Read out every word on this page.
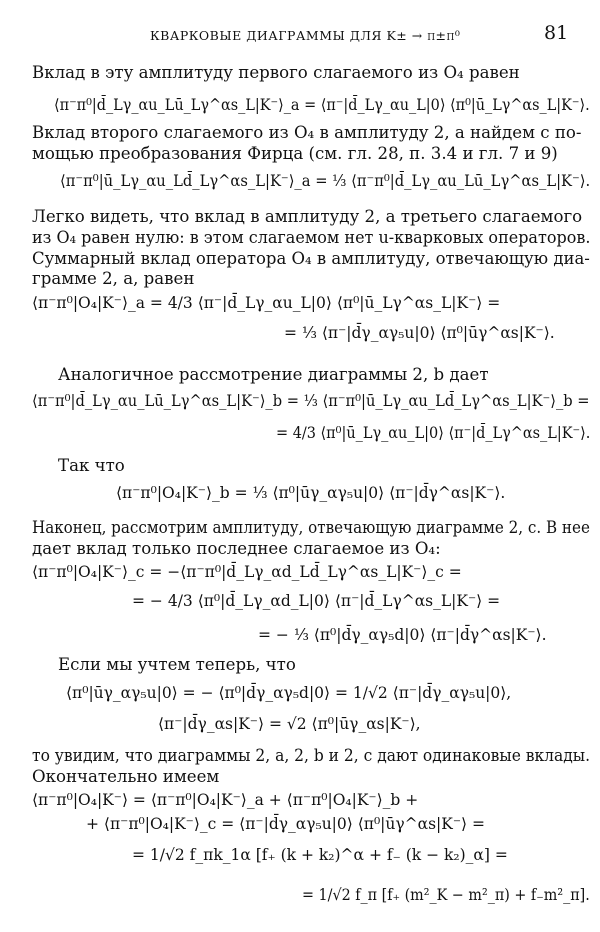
КВАРКОВЫЕ ДИАГРАММЫ ДЛЯ K± → π±π⁰	81
Вклад в эту амплитуду первого слагаемого из O₄ равен
⟨π⁻π⁰|d̄_Lγ_αu_Lū_Lγ^αs_L|K⁻⟩_a = ⟨π⁻|d̄_Lγ_αu_L|0⟩ ⟨π⁰|ū_Lγ^αs_L|K⁻⟩.
Вклад второго слагаемого из O₄ в амплитуду 2, a найдем с по-
мощью преобразования Фирца (см. гл. 28, п. 3.4 и гл. 7 и 9)
⟨π⁻π⁰|ū_Lγ_αu_Ld̄_Lγ^αs_L|K⁻⟩_a = ⅓ ⟨π⁻π⁰|d̄_Lγ_αu_Lū_Lγ^αs_L|K⁻⟩.
Легко видеть, что вклад в амплитуду 2, a третьего слагаемого
из O₄ равен нулю: в этом слагаемом нет u-кварковых операторов.
Суммарный вклад оператора O₄ в амплитуду, отвечающую диа-
грамме 2, a, равен
⟨π⁻π⁰|O₄|K⁻⟩_a = 4/3 ⟨π⁻|d̄_Lγ_αu_L|0⟩ ⟨π⁰|ū_Lγ^αs_L|K⁻⟩ =
= ⅓ ⟨π⁻|d̄γ_αγ₅u|0⟩ ⟨π⁰|ūγ^αs|K⁻⟩.
Аналогичное рассмотрение диаграммы 2, b дает
⟨π⁻π⁰|d̄_Lγ_αu_Lū_Lγ^αs_L|K⁻⟩_b = ⅓ ⟨π⁻π⁰|ū_Lγ_αu_Ld̄_Lγ^αs_L|K⁻⟩_b =
= 4/3 ⟨π⁰|ū_Lγ_αu_L|0⟩ ⟨π⁻|d̄_Lγ^αs_L|K⁻⟩.
Так что
⟨π⁻π⁰|O₄|K⁻⟩_b = ⅓ ⟨π⁰|ūγ_αγ₅u|0⟩ ⟨π⁻|d̄γ^αs|K⁻⟩.
Наконец, рассмотрим амплитуду, отвечающую диаграмме 2, c. В нее
дает вклад только последнее слагаемое из O₄:
⟨π⁻π⁰|O₄|K⁻⟩_c = −⟨π⁻π⁰|d̄_Lγ_αd_Ld̄_Lγ^αs_L|K⁻⟩_c =
= − 4/3 ⟨π⁰|d̄_Lγ_αd_L|0⟩ ⟨π⁻|d̄_Lγ^αs_L|K⁻⟩ =
= − ⅓ ⟨π⁰|d̄γ_αγ₅d|0⟩ ⟨π⁻|d̄γ^αs|K⁻⟩.
Если мы учтем теперь, что
⟨π⁰|ūγ_αγ₅u|0⟩ = − ⟨π⁰|d̄γ_αγ₅d|0⟩ = 1/√2 ⟨π⁻|d̄γ_αγ₅u|0⟩,
⟨π⁻|d̄γ_αs|K⁻⟩ = √2 ⟨π⁰|ūγ_αs|K⁻⟩,
то увидим, что диаграммы 2, a, 2, b и 2, c дают одинаковые вклады.
Окончательно имеем
⟨π⁻π⁰|O₄|K⁻⟩ = ⟨π⁻π⁰|O₄|K⁻⟩_a + ⟨π⁻π⁰|O₄|K⁻⟩_b +
+ ⟨π⁻π⁰|O₄|K⁻⟩_c = ⟨π⁻|d̄γ_αγ₅u|0⟩ ⟨π⁰|ūγ^αs|K⁻⟩ =
= 1/√2 f_πk_1α [f₊ (k + k₂)^α + f₋ (k − k₂)_α] =
= 1/√2 f_π [f₊ (m²_K − m²_π) + f₋m²_π].
